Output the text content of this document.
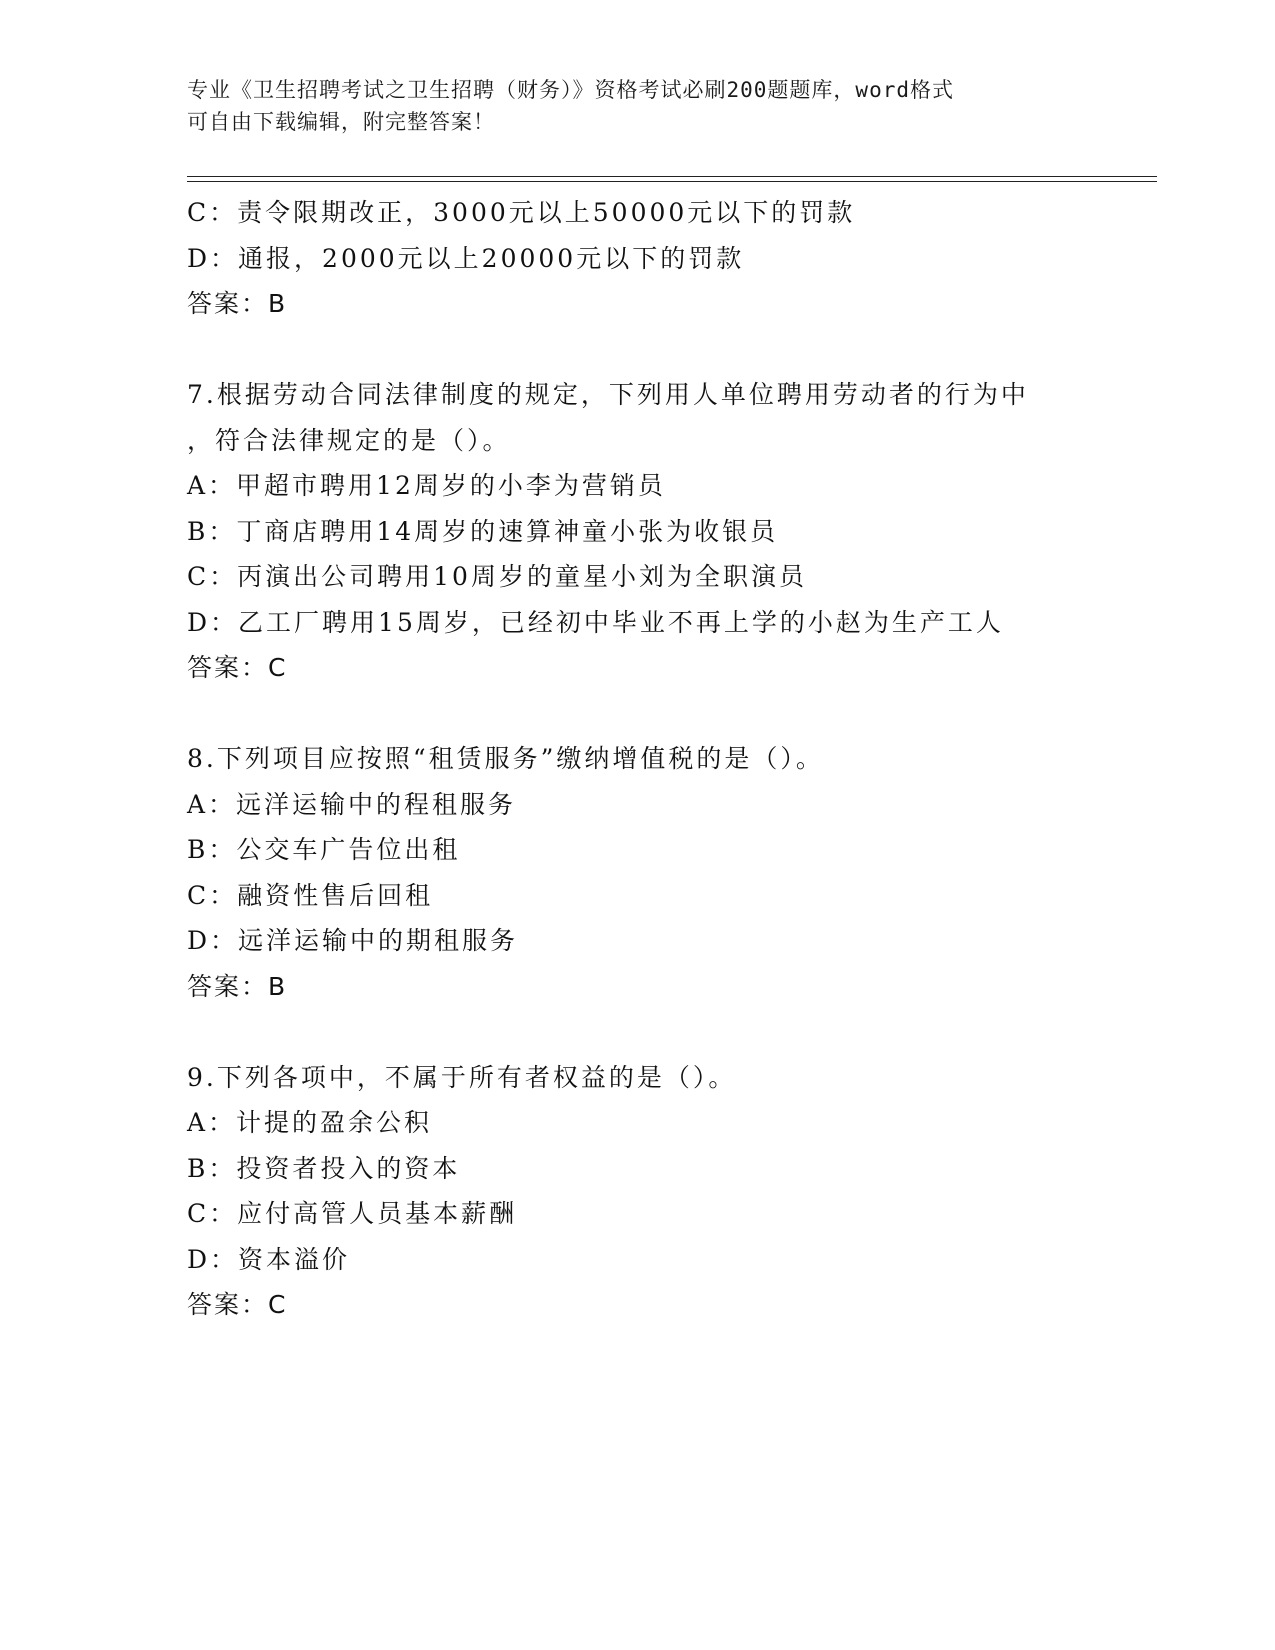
专业《卫生招聘考试之卫生招聘（财务）》资格考试必刷200题题库，word格式
可自由下载编辑，附完整答案！
C：责令限期改正，3000元以上50000元以下的罚款
D：通报，2000元以上20000元以下的罚款
答案：B
7.根据劳动合同法律制度的规定，下列用人单位聘用劳动者的行为中
，符合法律规定的是（）。
A：甲超市聘用12周岁的小李为营销员
B：丁商店聘用14周岁的速算神童小张为收银员
C：丙演出公司聘用10周岁的童星小刘为全职演员
D：乙工厂聘用15周岁，已经初中毕业不再上学的小赵为生产工人
答案：C
8.下列项目应按照“租赁服务”缴纳增值税的是（）。
A：远洋运输中的程租服务
B：公交车广告位出租
C：融资性售后回租
D：远洋运输中的期租服务
答案：B
9.下列各项中，不属于所有者权益的是（）。
A：计提的盈余公积
B：投资者投入的资本
C：应付高管人员基本薪酬
D：资本溢价
答案：C
